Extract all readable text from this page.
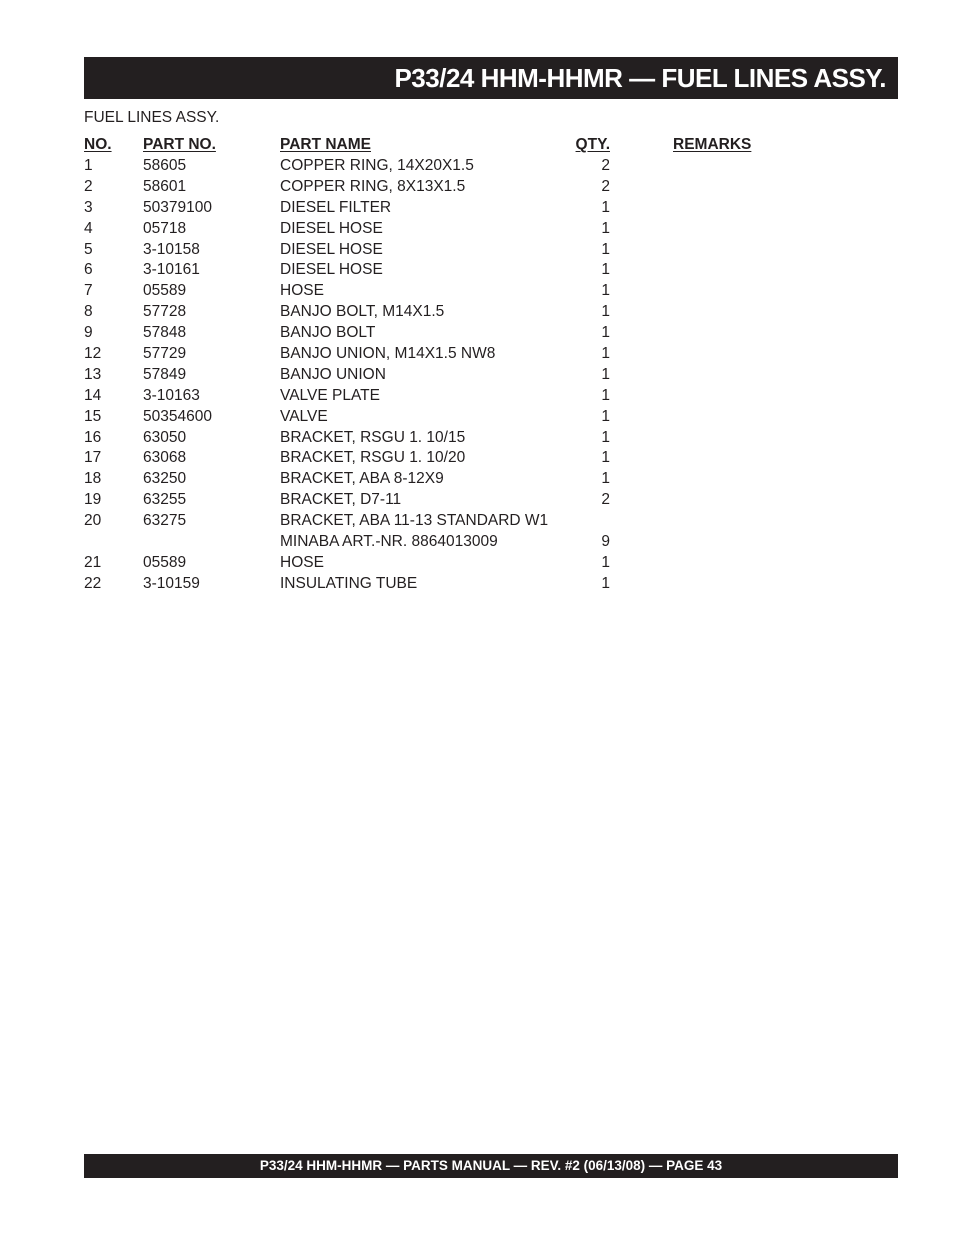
P33/24 HHM-HHMR — FUEL LINES ASSY.
FUEL LINES ASSY.
NO. PART NO.	PART NAME	QTY.	REMARKS
1	58605	COPPER RING, 14X20X1.5	2
2	58601	COPPER RING, 8X13X1.5	2
3	50379100	DIESEL FILTER	1
4	05718	DIESEL HOSE	1
5	3-10158	DIESEL HOSE	1
6	3-10161	DIESEL HOSE	1
7	05589	HOSE	1
8	57728	BANJO BOLT, M14X1.5	1
9	57848	BANJO BOLT	1
12	57729	BANJO UNION, M14X1.5 NW8	1
13	57849	BANJO UNION	1
14	3-10163	VALVE PLATE	1
15	50354600	VALVE	1
16	63050	BRACKET, RSGU 1. 10/15	1
17	63068	BRACKET, RSGU 1. 10/20	1
18	63250	BRACKET, ABA 8-12X9	1
19	63255	BRACKET, D7-11	2
20	63275	BRACKET, ABA 11-13 STANDARD W1
MINABA ART.-NR. 8864013009	9
21	05589	HOSE	1
22	3-10159	INSULATING TUBE	1
P33/24 HHM-HHMR — PARTS MANUAL — REV. #2 (06/13/08) — PAGE 43
